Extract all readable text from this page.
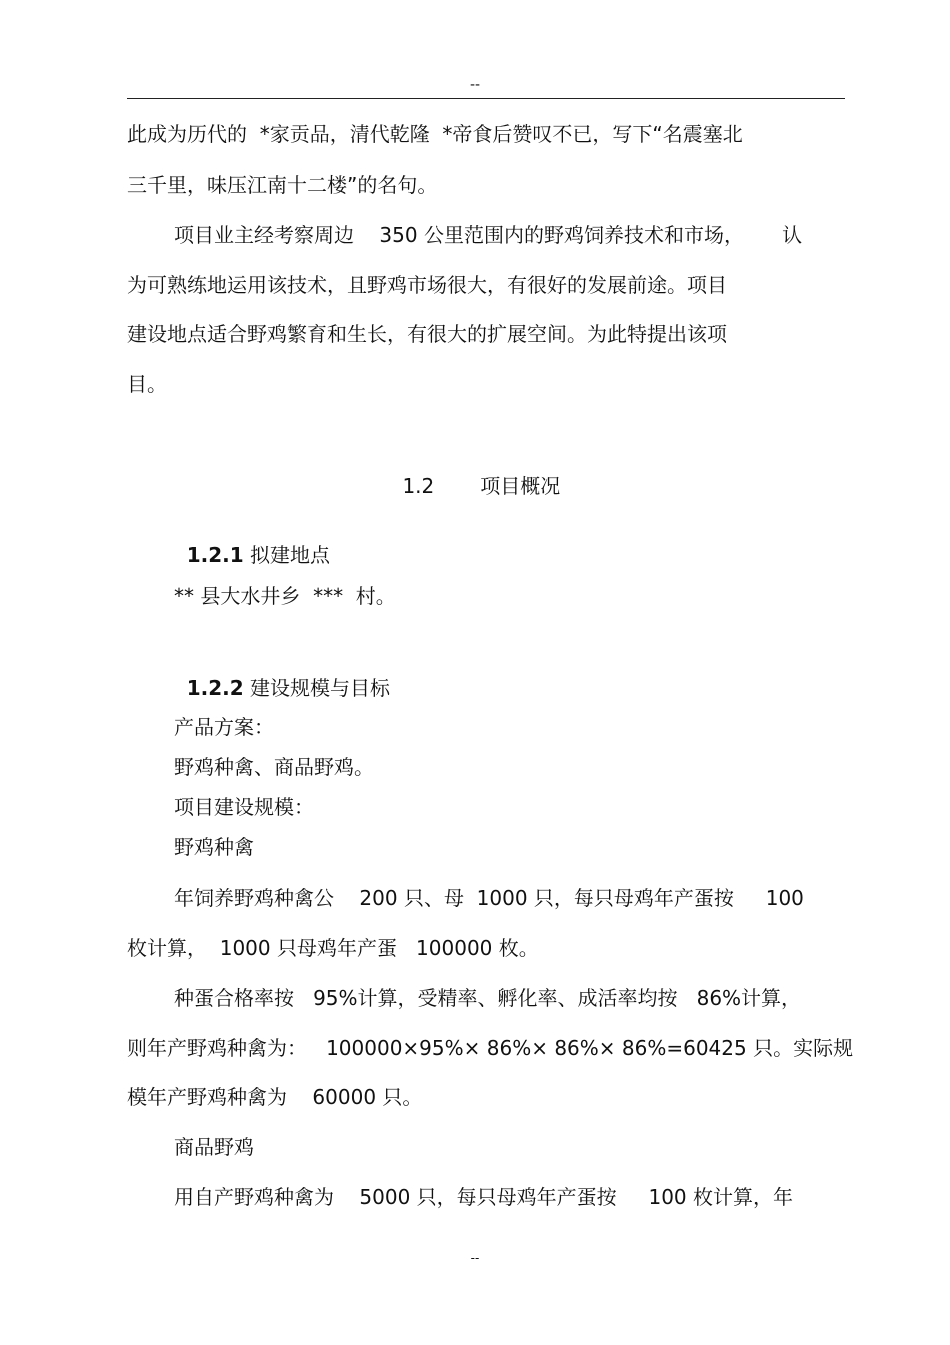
--
此成为历代的  *家贡品，清代乾隆  *帝食后赞叹不已，写下“名震塞北
三千里，味压江南十二楼”的名句。
项目业主经考察周边    350 公里范围内的野鸡饲养技术和市场，      认
为可熟练地运用该技术，且野鸡市场很大，有很好的发展前途。项目
建设地点适合野鸡繁育和生长，有很大的扩展空间。为此特提出该项
目。

1.2 项目概况

1.2.1 拟建地点

** 县大水井乡  ***  村。

1.2.2 建设规模与目标

产品方案：
野鸡种禽、商品野鸡。
项目建设规模：
野鸡种禽
年饲养野鸡种禽公    200 只、母  1000 只，每只母鸡年产蛋按     100
枚计算，  1000 只母鸡年产蛋   100000 枚。
种蛋合格率按   95%计算，受精率、孵化率、成活率均按   86%计算，
则年产野鸡种禽为：   100000×95%× 86%× 86%× 86%=60425 只。实际规
模年产野鸡种禽为    60000 只。
商品野鸡
用自产野鸡种禽为    5000 只，每只母鸡年产蛋按     100 枚计算，年
--
